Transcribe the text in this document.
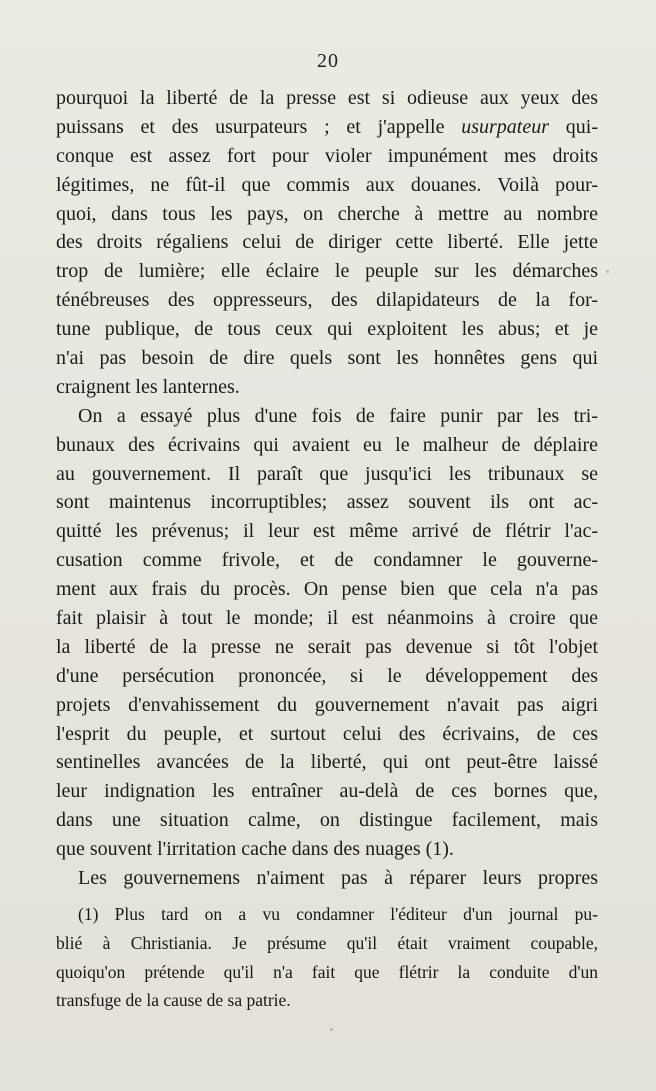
20
pourquoi la liberté de la presse est si odieuse aux yeux des
puissans et des usurpateurs ; et j'appelle usurpateur qui-
conque est assez fort pour violer impunément mes droits
légitimes, ne fût-il que commis aux douanes. Voilà pour-
quoi, dans tous les pays, on cherche à mettre au nombre
des droits régaliens celui de diriger cette liberté. Elle jette
trop de lumière; elle éclaire le peuple sur les démarches
ténébreuses des oppresseurs, des dilapidateurs de la for-
tune publique, de tous ceux qui exploitent les abus; et je
n'ai pas besoin de dire quels sont les honnêtes gens qui
craignent les lanternes.
On a essayé plus d'une fois de faire punir par les tri-
bunaux des écrivains qui avaient eu le malheur de déplaire
au gouvernement. Il paraît que jusqu'ici les tribunaux se
sont maintenus incorruptibles; assez souvent ils ont ac-
quitté les prévenus; il leur est même arrivé de flétrir l'ac-
cusation comme frivole, et de condamner le gouverne-
ment aux frais du procès. On pense bien que cela n'a pas
fait plaisir à tout le monde; il est néanmoins à croire que
la liberté de la presse ne serait pas devenue si tôt l'objet
d'une persécution prononcée, si le développement des
projets d'envahissement du gouvernement n'avait pas aigri
l'esprit du peuple, et surtout celui des écrivains, de ces
sentinelles avancées de la liberté, qui ont peut-être laissé
leur indignation les entraîner au-delà de ces bornes que,
dans une situation calme, on distingue facilement, mais
que souvent l'irritation cache dans des nuages (1).
Les gouvernemens n'aiment pas à réparer leurs propres
(1) Plus tard on a vu condamner l'éditeur d'un journal pu-
blié à Christiania. Je présume qu'il était vraiment coupable,
quoiqu'on prétende qu'il n'a fait que flétrir la conduite d'un
transfuge de la cause de sa patrie.
